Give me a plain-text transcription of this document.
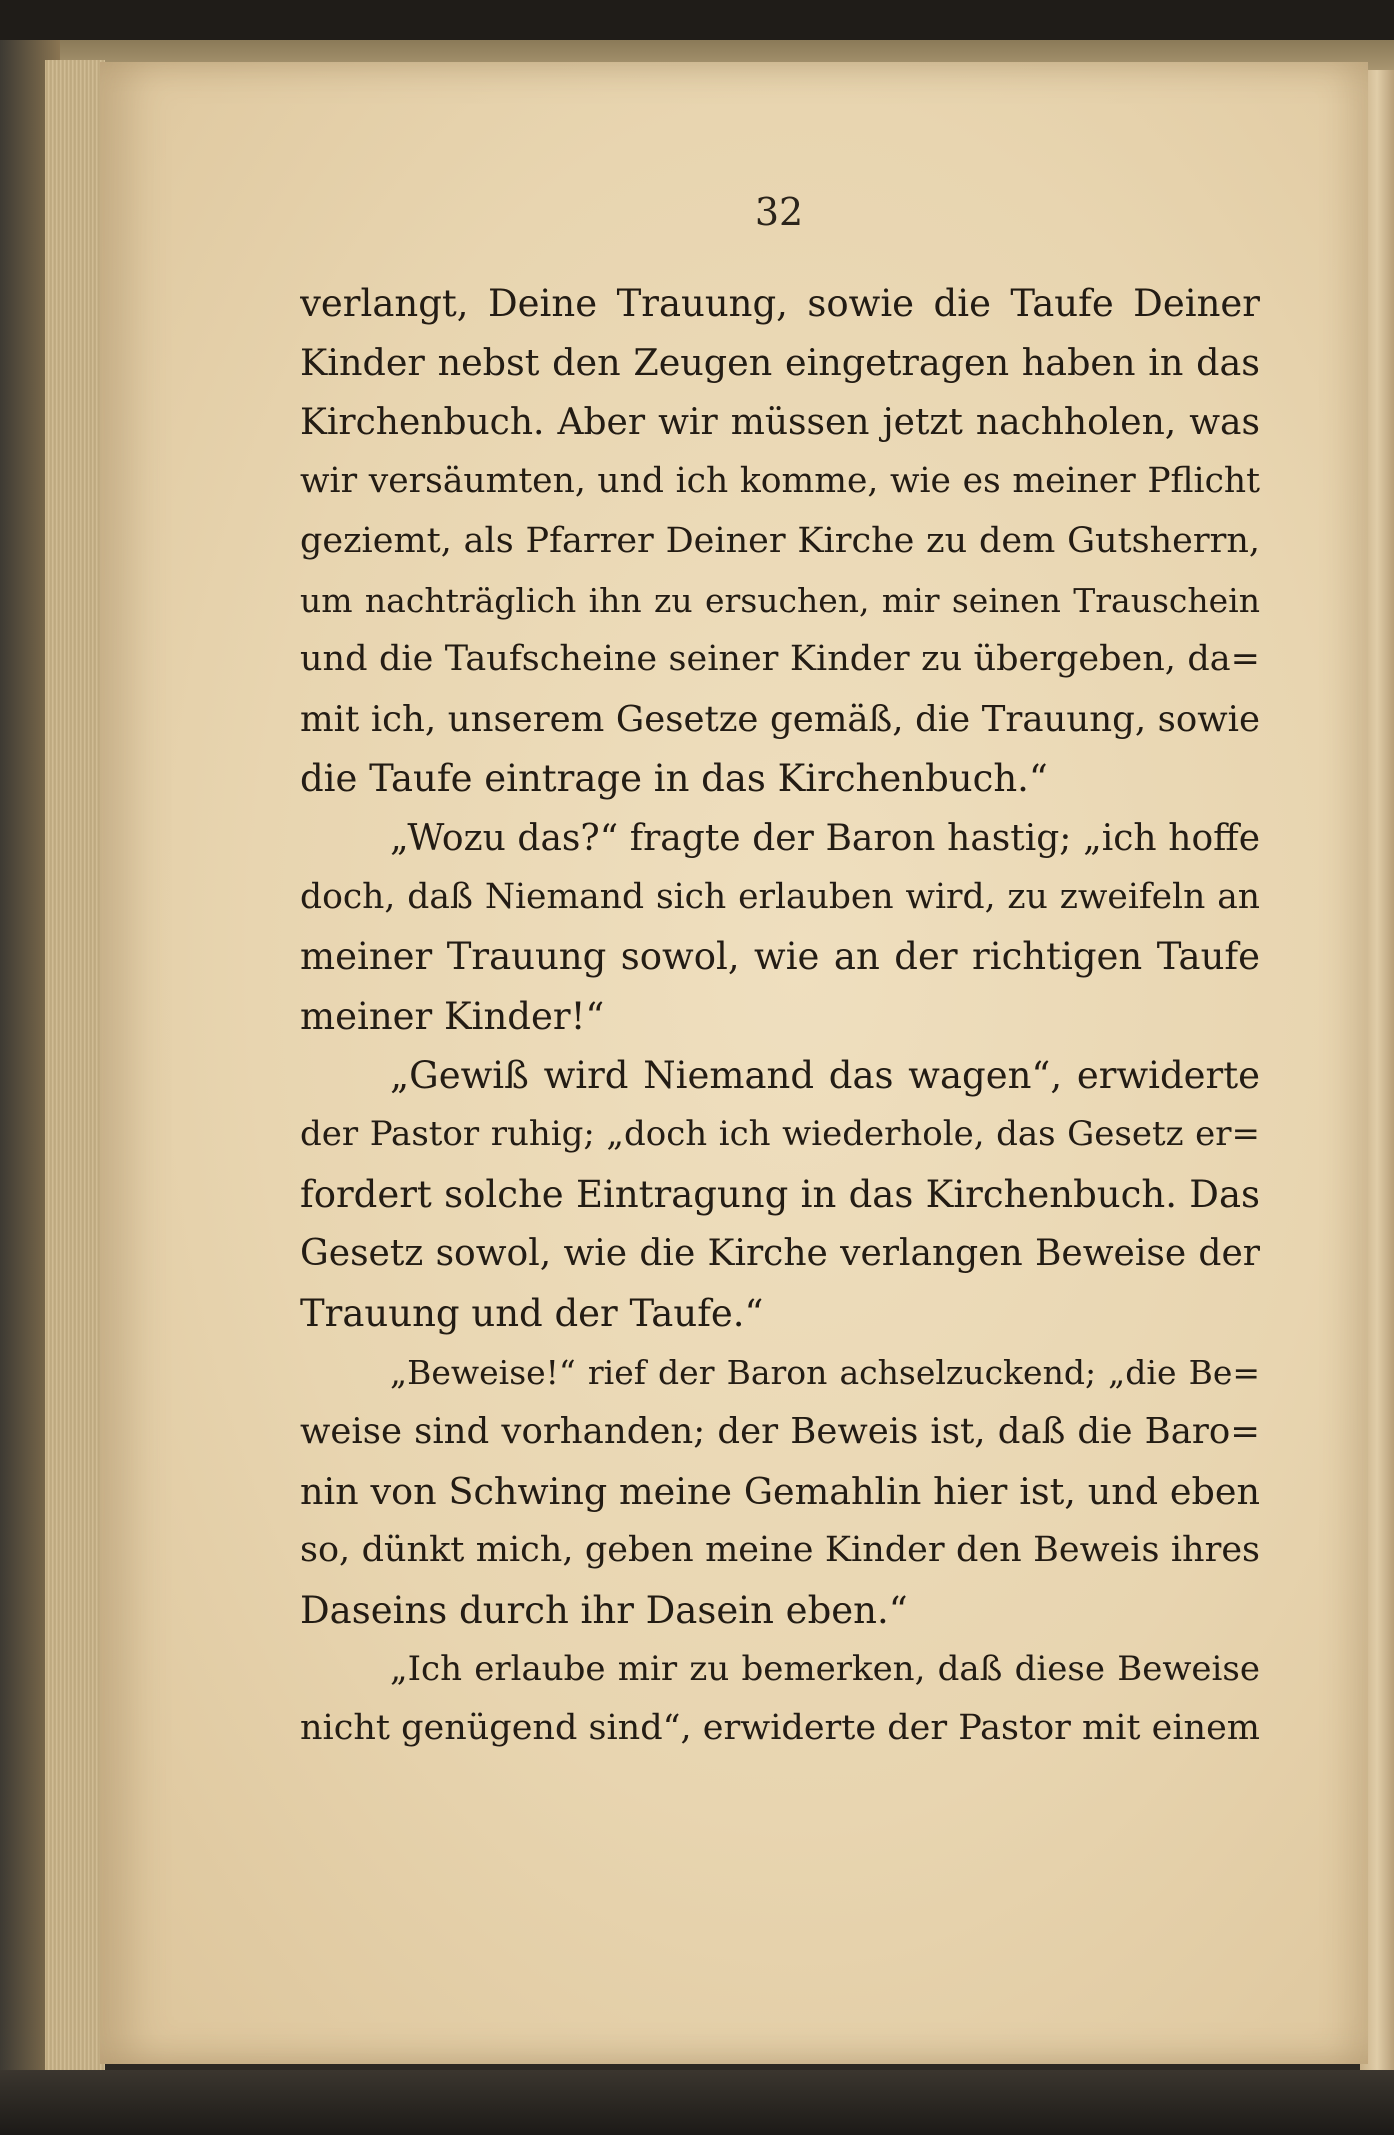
32
verlangt, Deine Trauung, sowie die Taufe Deiner
Kinder nebst den Zeugen eingetragen haben in das
Kirchenbuch. Aber wir müssen jetzt nachholen, was
wir versäumten, und ich komme, wie es meiner Pflicht
geziemt, als Pfarrer Deiner Kirche zu dem Gutsherrn,
um nachträglich ihn zu ersuchen, mir seinen Trauschein
und die Taufscheine seiner Kinder zu übergeben, da=
mit ich, unserem Gesetze gemäß, die Trauung, sowie
die Taufe eintrage in das Kirchenbuch.“
„Wozu das?“ fragte der Baron hastig; „ich hoffe
doch, daß Niemand sich erlauben wird, zu zweifeln an
meiner Trauung sowol, wie an der richtigen Taufe
meiner Kinder!“
„Gewiß wird Niemand das wagen“, erwiderte
der Pastor ruhig; „doch ich wiederhole, das Gesetz er=
fordert solche Eintragung in das Kirchenbuch. Das
Gesetz sowol, wie die Kirche verlangen Beweise der
Trauung und der Taufe.“
„Beweise!“ rief der Baron achselzuckend; „die Be=
weise sind vorhanden; der Beweis ist, daß die Baro=
nin von Schwing meine Gemahlin hier ist, und eben
so, dünkt mich, geben meine Kinder den Beweis ihres
Daseins durch ihr Dasein eben.“
„Ich erlaube mir zu bemerken, daß diese Beweise
nicht genügend sind“, erwiderte der Pastor mit einem
